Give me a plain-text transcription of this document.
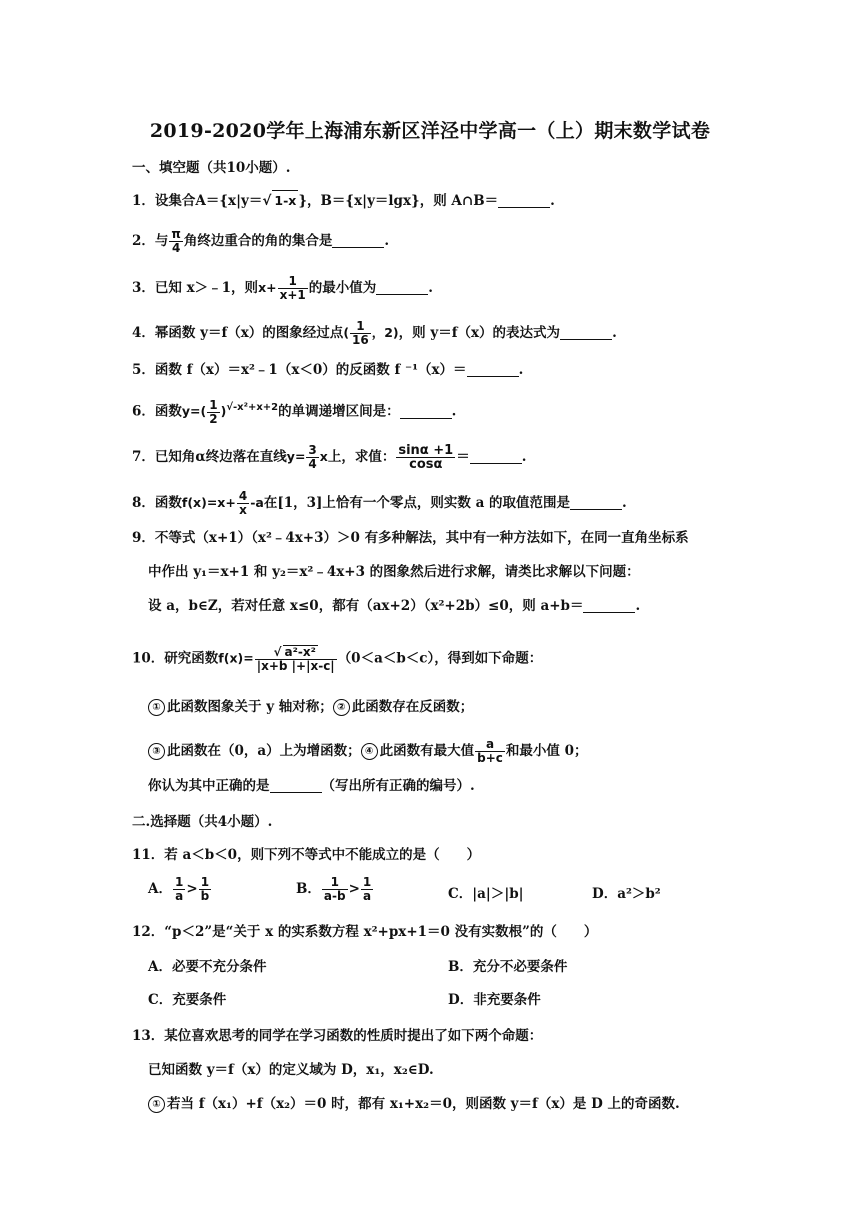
2019-2020学年上海浦东新区洋泾中学高一（上）期末数学试卷
一、填空题（共10小题）.
1．设集合A＝{x|y＝√ 1-x }，B＝{x|y＝lgx}，则 A∩B＝	.
2．与 $\frac{\pi}{4}$ 角终边重合的角的集合是	.
3．已知 x＞﹣1，则$x+ \frac{1}{x+1}$ 的最小值为	.
4．幂函数 y＝f（x）的图象经过点( $\frac{1}{16}$ ，2)，则 y＝f（x）的表达式为	.
5．函数 f（x）＝x²﹣1（x＜0）的反函数 f ⁻¹（x）＝	.
6．函数$y=( \frac{1}{2} )^{√-x^2+x+2}$的单调递增区间是：	.
7．已知角α终边落在直线$y= \frac{3}{4}$ x上，求值： $\frac{\sin\alpha +1}{\cos\alpha}$ ＝	.
8．函数$f(x)=x+ \frac{4}{x} -a$在[1，3]上恰有一个零点，则实数 a 的取值范围是	.
9．不等式（x+1）（x²﹣4x+3）＞0 有多种解法，其中有一种方法如下，在同一直角坐标系
中作出 y₁＝x+1 和 y₂＝x²﹣4x+3 的图象然后进行求解，请类比求解以下问题：
设 a，b∈Z，若对任意 x≤0，都有（ax+2）（x²+2b）≤0，则 a+b＝	.
10．研究函数$f(x)= \frac{\text{√ a²-x²}}{|x+b |+|x-c|} (0<a<b<c)$，得到如下命题：
① 此函数图象关于 y 轴对称； ② 此函数存在反函数；
③ 此函数在（0，a）上为增函数； ④ 此函数有最大值 $\frac{a}{b+c}$ 和最小值 0；
你认为其中正确的是	（写出所有正确的编号）.
二.选择题（共4小题）.
11．若 a＜b＜0，则下列不等式中不能成立的是（　　）
A． $\frac{1}{a} > \frac{1}{b}$	B． $\frac{1}{a-b} > \frac{1}{a}$	C．|a|＞|b|	D．a²＞b²
12．“p＜2”是“关于 x 的实系数方程 x²+px+1＝0 没有实数根”的（　　）
A．必要不充分条件	B．充分不必要条件
C．充要条件	D．非充要条件
13．某位喜欢思考的同学在学习函数的性质时提出了如下两个命题：
已知函数 y＝f（x）的定义域为 D，x₁，x₂∈D.
① 若当 f（x₁）+f（x₂）＝0 时，都有 x₁+x₂＝0，则函数 y＝f（x）是 D 上的奇函数.
